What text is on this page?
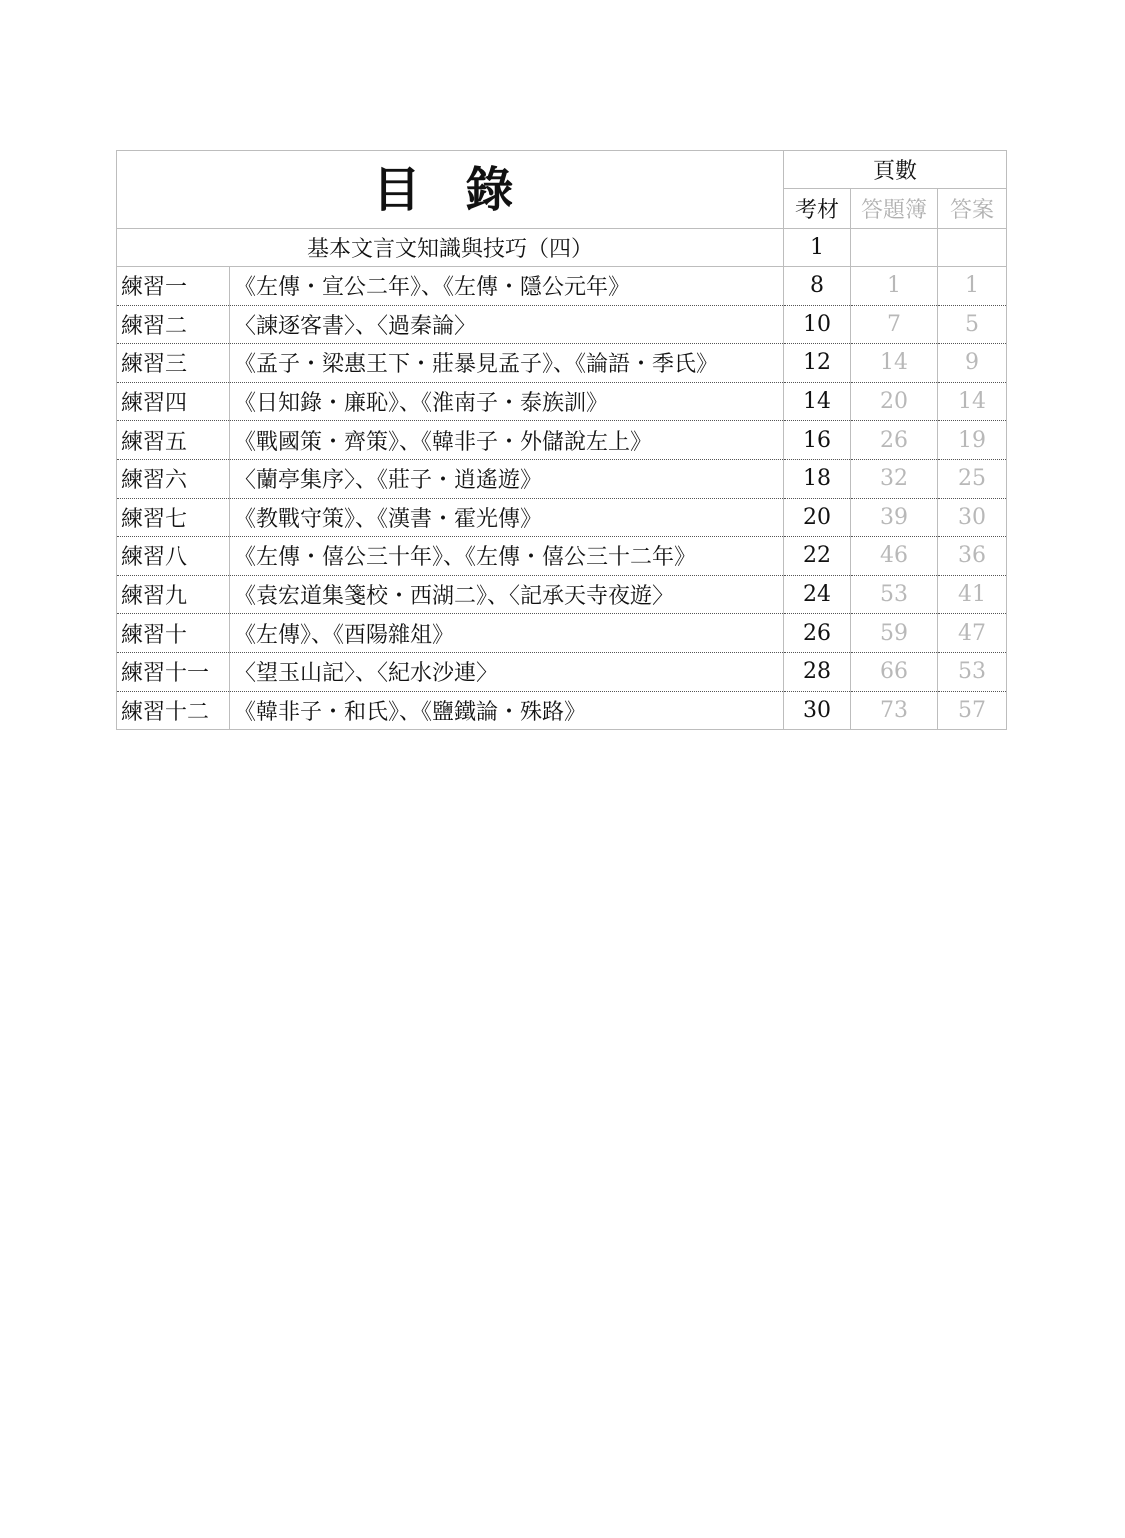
目 錄		頁數		
		考材	答題簿	答案
基本文言文知識與技巧（四）		1		
練習一	《左傳・宣公二年》、《左傳・隱公元年》	8	1	1
練習二	〈諫逐客書〉、〈過秦論〉	10	7	5
練習三	《孟子・梁惠王下・莊暴見孟子》、《論語・季氏》	12	14	9
練習四	《日知錄・廉恥》、《淮南子・泰族訓》	14	20	14
練習五	《戰國策・齊策》、《韓非子・外儲說左上》	16	26	19
練習六	〈蘭亭集序〉、《莊子・逍遙遊》	18	32	25
練習七	《教戰守策》、《漢書・霍光傳》	20	39	30
練習八	《左傳・僖公三十年》、《左傳・僖公三十二年》	22	46	36
練習九	《袁宏道集箋校・西湖二》、〈記承天寺夜遊〉	24	53	41
練習十	《左傳》、《酉陽雜俎》	26	59	47
練習十一	〈望玉山記〉、〈紀水沙連〉	28	66	53
練習十二	《韓非子・和氏》、《鹽鐵論・殊路》	30	73	57
